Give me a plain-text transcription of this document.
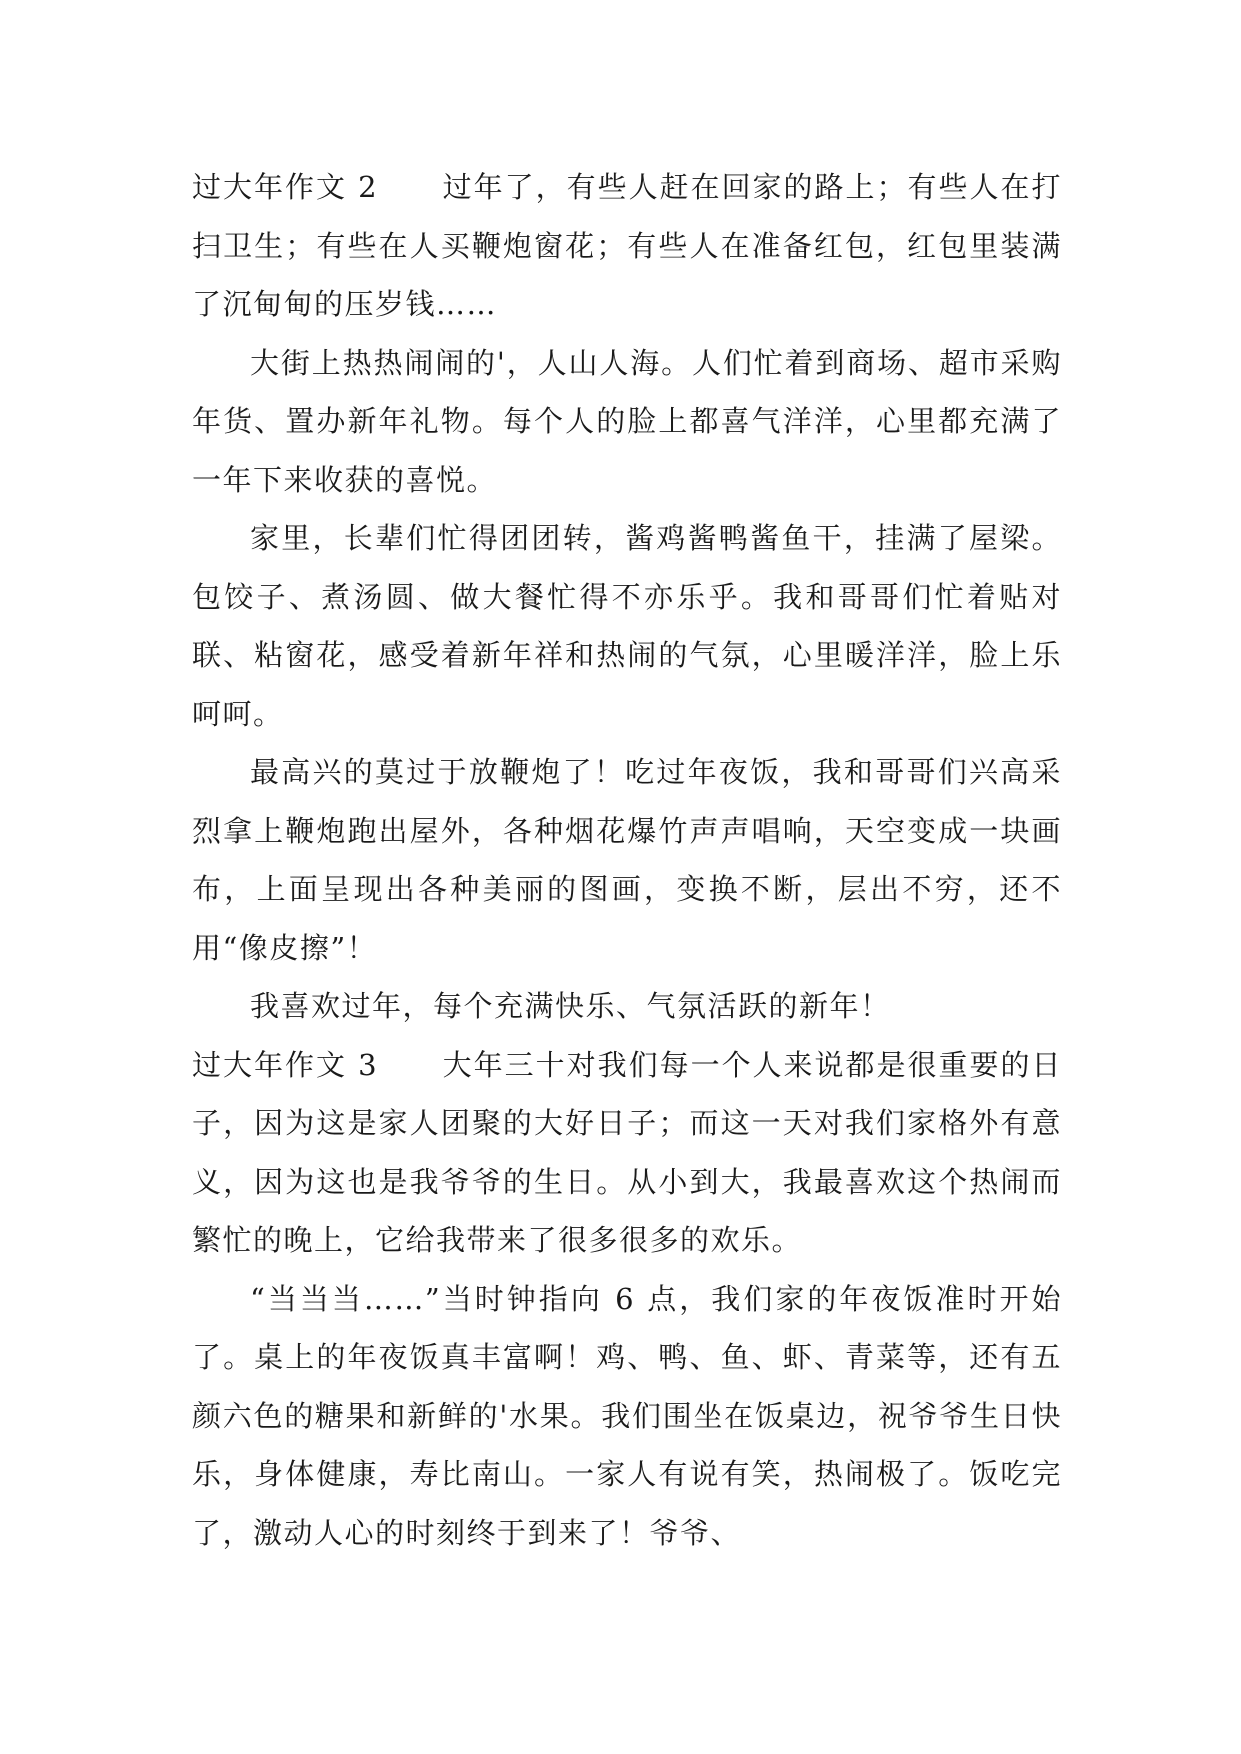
过大年作文 2 过年了，有些人赶在回家的路上；有些人在打扫卫生；有些在人买鞭炮窗花；有些人在准备红包，红包里装满了沉甸甸的压岁钱……

大街上热热闹闹的'，人山人海。人们忙着到商场、超市采购年货、置办新年礼物。每个人的脸上都喜气洋洋，心里都充满了一年下来收获的喜悦。

家里，长辈们忙得团团转，酱鸡酱鸭酱鱼干，挂满了屋梁。包饺子、煮汤圆、做大餐忙得不亦乐乎。我和哥哥们忙着贴对联、粘窗花，感受着新年祥和热闹的气氛，心里暖洋洋，脸上乐呵呵。

最高兴的莫过于放鞭炮了！吃过年夜饭，我和哥哥们兴高采烈拿上鞭炮跑出屋外，各种烟花爆竹声声唱响，天空变成一块画布，上面呈现出各种美丽的图画，变换不断，层出不穷，还不用“像皮擦”！

我喜欢过年，每个充满快乐、气氛活跃的新年！

过大年作文 3 大年三十对我们每一个人来说都是很重要的日子，因为这是家人团聚的大好日子；而这一天对我们家格外有意义，因为这也是我爷爷的生日。从小到大，我最喜欢这个热闹而繁忙的晚上，它给我带来了很多很多的欢乐。

“当当当……”当时钟指向 6 点，我们家的年夜饭准时开始了。桌上的年夜饭真丰富啊！鸡、鸭、鱼、虾、青菜等，还有五颜六色的糖果和新鲜的'水果。我们围坐在饭桌边，祝爷爷生日快乐，身体健康，寿比南山。一家人有说有笑，热闹极了。饭吃完了，激动人心的时刻终于到来了！爷爷、
